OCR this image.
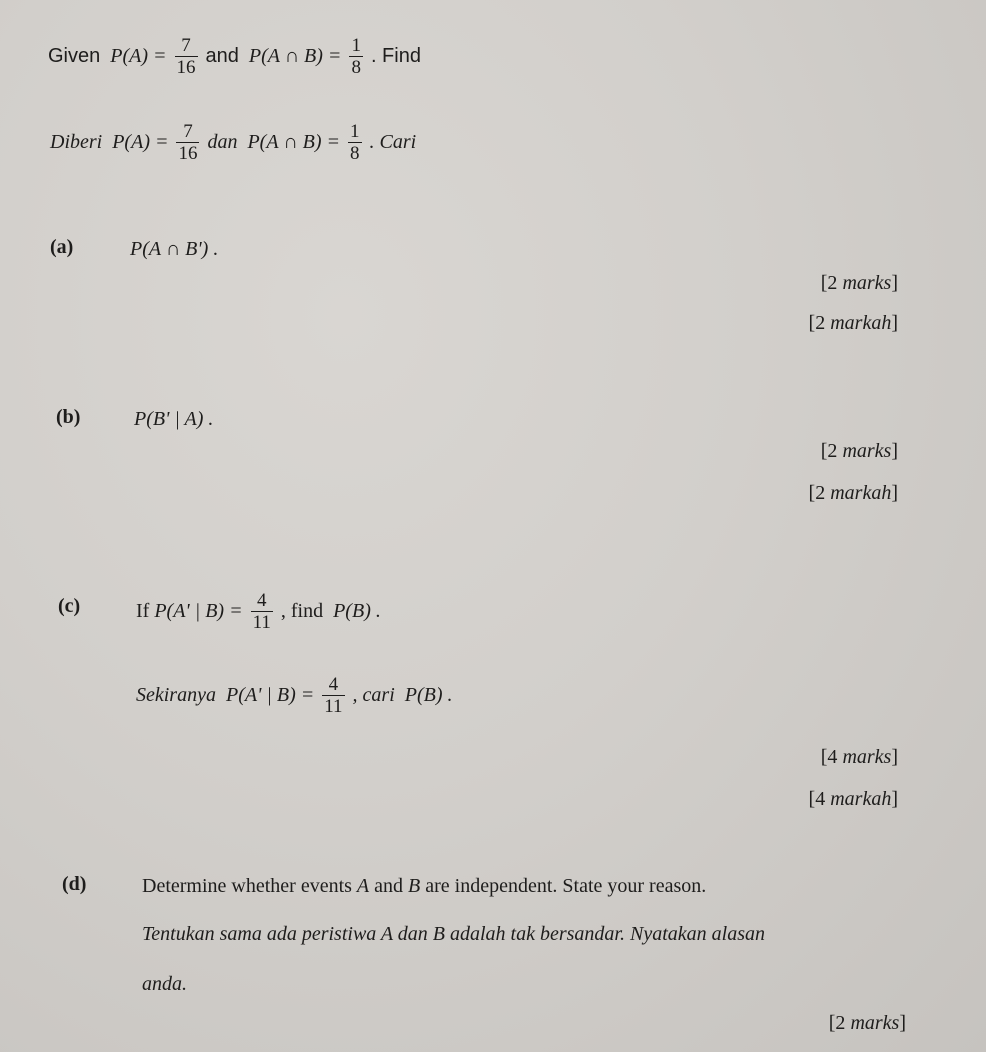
Given $P(A) = \frac{7}{16}$ and P(A ∩ $B) = \frac{1}{8}$ . Find
Diberi $P(A) = \frac{7}{16}$ dan P(A ∩ $B) = \frac{1}{8}$ . Cari
(a)	P(A ∩ B') .
[2 marks]
[2 markah]
(b)	P(B' | A) .
[2 marks]
[2 markah]
(c)	If P(A' | $B) = \frac{4}{11}$ , find P(B) .
Sekiranya P(A' | $B) = \frac{4}{11}$ , cari P(B) .
[4 marks]
[4 markah]
(d)	Determine whether events A and B are independent. State your reason.
Tentukan sama ada peristiwa A dan B adalah tak bersandar. Nyatakan alasan
anda.
[2 marks]
